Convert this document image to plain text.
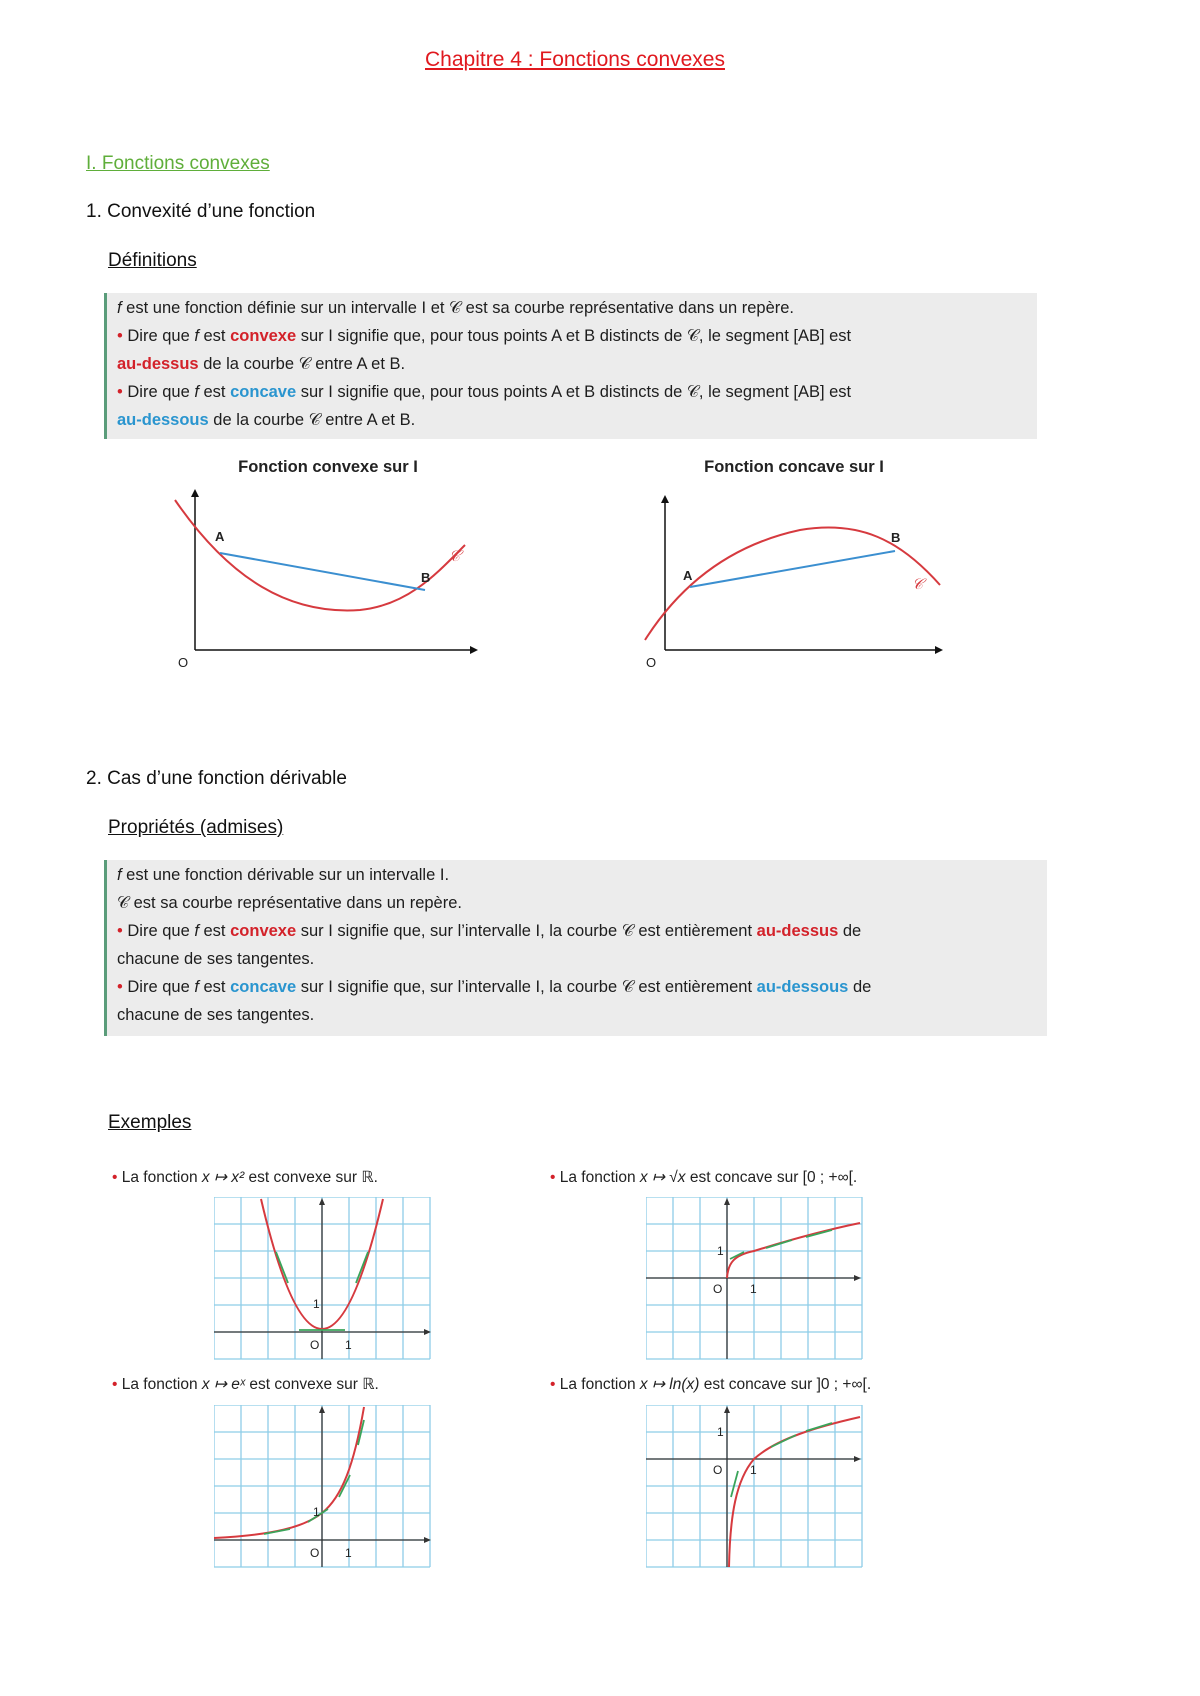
Chapitre 4 : Fonctions convexes
I. Fonctions convexes
1. Convexité d’une fonction
Définitions
f est une fonction définie sur un intervalle I et 𝒞 est sa courbe représentative dans un repère.
• Dire que f est convexe sur I signifie que, pour tous points A et B distincts de 𝒞, le segment [AB] est
au-dessus de la courbe 𝒞 entre A et B.
• Dire que f est concave sur I signifie que, pour tous points A et B distincts de 𝒞, le segment [AB] est
au-dessous de la courbe 𝒞 entre A et B.
Fonction convexe sur I
A
B
𝒞
O
Fonction concave sur I
A
B
𝒞
O
2. Cas d’une fonction dérivable
Propriétés (admises)
f est une fonction dérivable sur un intervalle I.
𝒞 est sa courbe représentative dans un repère.
• Dire que f est convexe sur I signifie que, sur l’intervalle I, la courbe 𝒞 est entièrement au-dessus de
chacune de ses tangentes.
• Dire que f est concave sur I signifie que, sur l’intervalle I, la courbe 𝒞 est entièrement au-dessous de
chacune de ses tangentes.
Exemples
• La fonction x ↦ x² est convexe sur ℝ.	• La fonction x ↦ √x est concave sur [0 ; +∞[.
• La fonction x ↦ eˣ est convexe sur ℝ.	• La fonction x ↦ ln(x) est concave sur ]0 ; +∞[.
O 1
1
O 1
1
O 1
1
O 1
1
